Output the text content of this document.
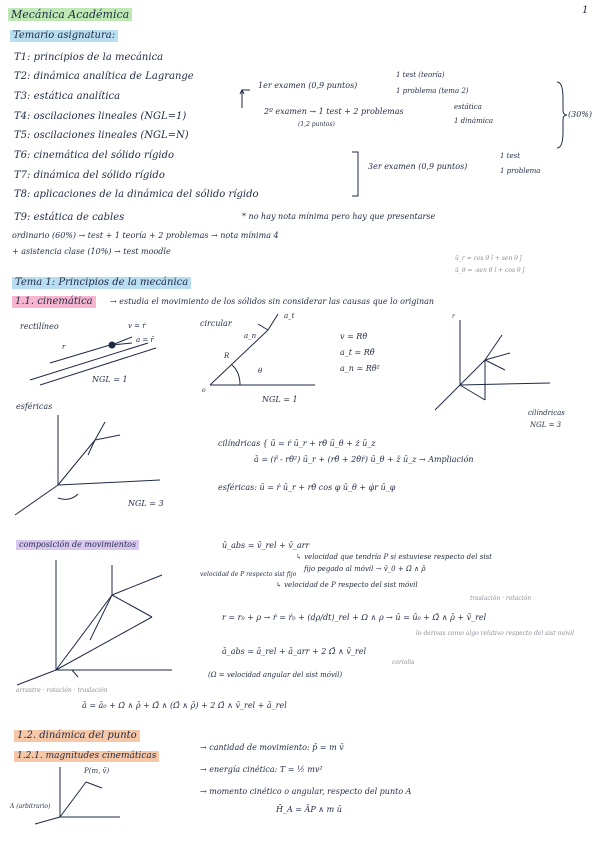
Mecánica Académica	1
Temario asignatura:
T1: principios de la mecánica
T2: dinámica analítica de Lagrange
T3: estática analítica
T4: oscilaciones lineales (NGL=1)
T5: oscilaciones lineales (NGL=N)
T6: cinemática del sólido rígido
T7: dinámica del sólido rígido
T8: aplicaciones de la dinámica del sólido rígido
T9: estática de cables
1er examen (0,9 puntos)
1 test (teoría)
1 problema (tema 2)
2º examen → 1 test + 2 problemas
(1,2 puntos)
estática
1 dinámica
3er examen (0,9 puntos)
1 test
1 problema
(30%)
* no hay nota mínima pero hay que presentarse
ordinario (60%) → test + 1 teoría + 2 problemas → nota mínima 4
+ asistencia clase (10%) → test moodle
ū_r = cos θ î + sen θ ĵ
ū_θ = -sen θ î + cos θ ĵ
Tema 1: Principios de la mecánica
1.1. cinemática	→ estudia el movimiento de los sólidos sin considerar las causas que lo originan
rectilíneo	v = ṙ
a = r̈
r
NGL = 1
circular
a_t
a_n
R
θ
o
NGL = 1
v = Rθ̇
a_t = Rθ̈
a_n = Rθ̇²
r
cilíndricas
NGL = 3
esféricas
NGL = 3
cilíndricas { ū = ṙ ū_r + rθ̇ ū_θ + ż ū_z
ā = (r̈ - rθ̇²) ū_r + (rθ̈ + 2θ̇ṙ) ū_θ + z̈ ū_z → Ampliación
esféricas: ū = ṙ ū_r + rθ̇ cos φ ū_θ + φ̇r ū_φ
composición de movimientos	ū_abs = v̄_rel + v̄_arr
↳ velocidad que tendría P si estuviese respecto del sist
fijo pegado al móvil → v̄_0 + Ω̄ ∧ ρ̄
velocidad de P respecto sist fijo
↳ velocidad de P respecto del sist móvil
traslación · rotación
r = r₀ + ρ → ṙ = ṙ₀ + (dρ/dt)_rel + Ω ∧ ρ → ū = ū₀ + Ω̄ ∧ ρ̄ + v̄_rel
lo derivas como algo relativo respecto del sist móvil
ā_abs = ā_rel + ā_arr + 2 Ω̄ ∧ v̄_rel
coriolis
(Ω = velocidad angular del sist móvil)
arrastre · rotación · traslación
ā = ā₀ + Ω̇ ∧ ρ̄ + Ω̄ ∧ (Ω̄ ∧ ρ̄) + 2 Ω̄ ∧ v̄_rel + ā_rel
1.2. dinámica del punto
1.2.1. magnitudes cinemáticas
P(m, v̄)
A (arbitrario)
→ cantidad de movimiento: p̄ = m v̄
→ energía cinética: T = ½ mv²
→ momento cinético o angular, respecto del punto A
H̄_A = ĀP ∧ m ū
